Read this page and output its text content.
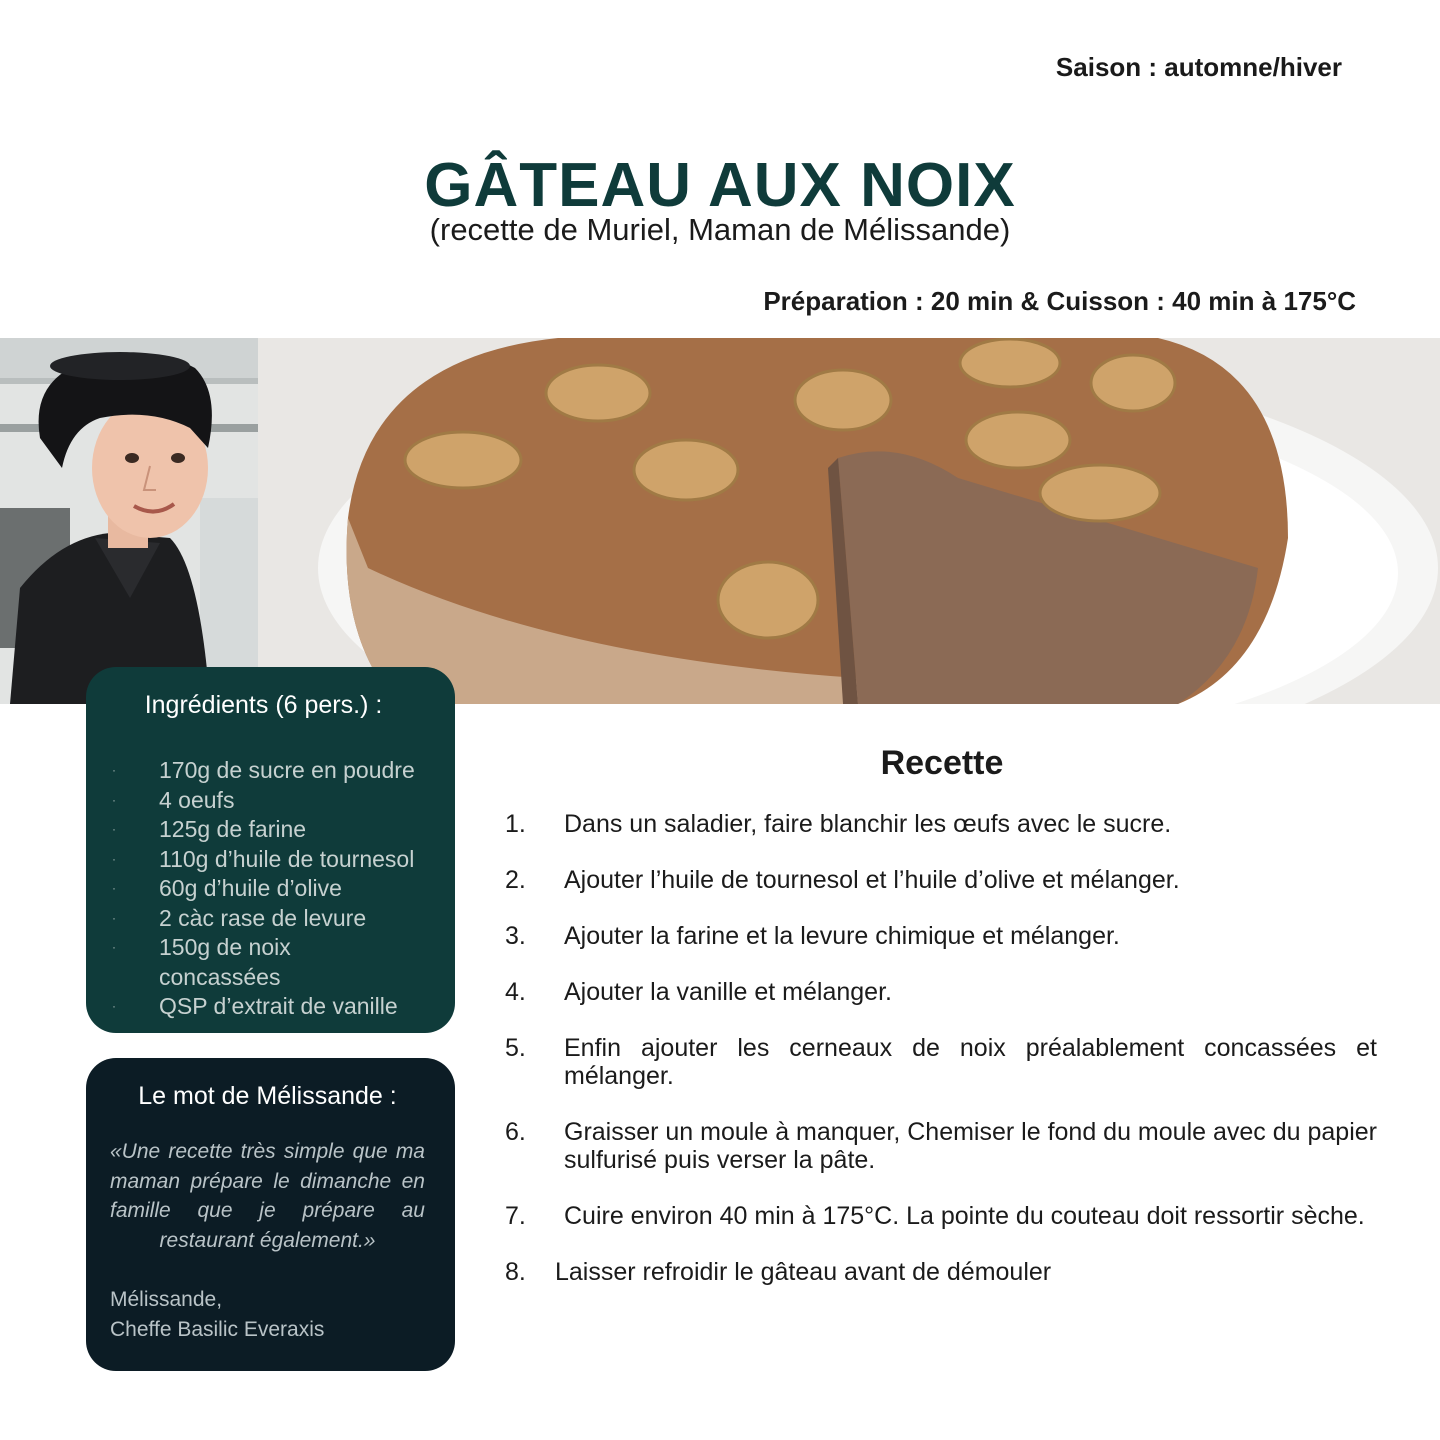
Saison : automne/hiver
GÂTEAU AUX NOIX
(recette de Muriel, Maman de Mélissande)
Préparation : 20 min & Cuisson : 40 min à 175°C
Ingrédients (6 pers.) :
· 170g de sucre en poudre
· 4 oeufs
· 125g de farine
· 110g d’huile de tournesol
· 60g d’huile d’olive
· 2 càc rase de levure
· 150g de noix concassées
· QSP d’extrait de vanille
Le mot de Mélissande :

«Une recette très simple que ma maman prépare le dimanche en famille que je prépare au restaurant également.»

Mélissande,
Cheffe Basilic Everaxis
Recette
1. Dans un saladier, faire blanchir les œufs avec le sucre.
2. Ajouter l’huile de tournesol et l’huile d’olive et mélanger.
3. Ajouter la farine et la levure chimique et mélanger.
4. Ajouter la vanille et mélanger.
5. Enfin ajouter les cerneaux de noix préalablement concassées et mélanger.
6. Graisser un moule à manquer, Chemiser le fond du moule avec du papier sulfurisé puis verser la pâte.
7. Cuire environ 40 min à 175°C. La pointe du couteau doit ressortir sèche.
8. Laisser refroidir le gâteau avant de démouler
